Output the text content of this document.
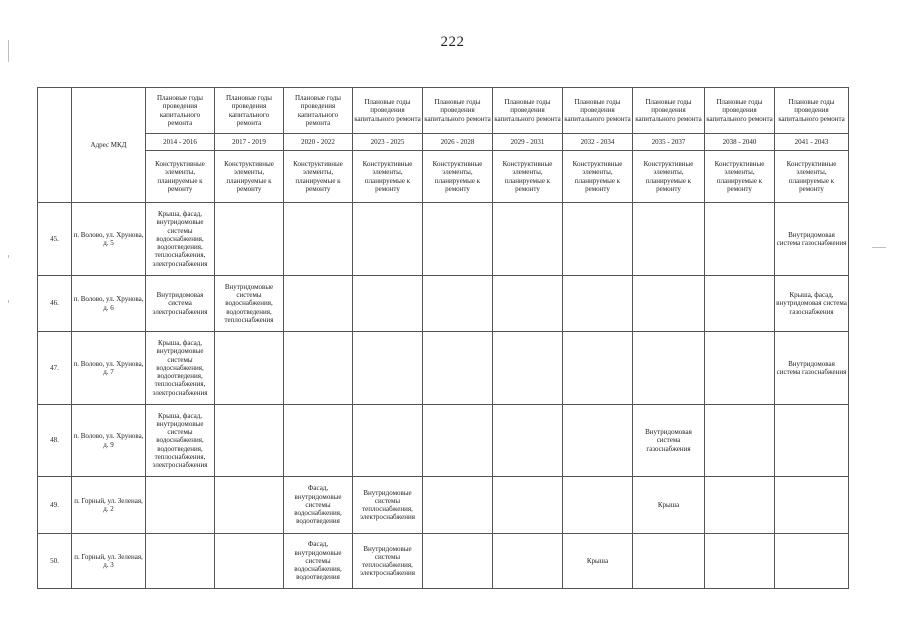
222
	Адрес МКД	Плановые годы проведения капитального ремонта	Плановые годы проведения капитального ремонта	Плановые годы проведения капитального ремонта	Плановые годы проведения капитального ремонта	Плановые годы проведения капитального ремонта	Плановые годы проведения капитального ремонта	Плановые годы проведения капитального ремонта	Плановые годы проведения капитального ремонта	Плановые годы проведения капитального ремонта	Плановые годы проведения капитального ремонта
		2014 - 2016	2017 - 2019	2020 - 2022	2023 - 2025	2026 - 2028	2029 - 2031	2032 - 2034	2035 - 2037	2038 - 2040	2041 - 2043
		Конструктивные элементы, планируемые к ремонту	Конструктивные элементы, планируемые к ремонту	Конструктивные элементы, планируемые к ремонту	Конструктивные элементы, планируемые к ремонту	Конструктивные элементы, планируемые к ремонту	Конструктивные элементы, планируемые к ремонту	Конструктивные элементы, планируемые к ремонту	Конструктивные элементы, планируемые к ремонту	Конструктивные элементы, планируемые к ремонту	Конструктивные элементы, планируемые к ремонту
45.	п. Волово, ул. Хрунова, д. 5	Крыша, фасад, внутридомовые системы водоснабжения, водоотведения, теплоснабжения, электроснабжения									Внутридомовая система газоснабжения
46.	п. Волово, ул. Хрунова, д. 6	Внутридомовая система электроснабжения	Внутридомовые системы водоснабжения, водоотведения, теплоснабжения								Крыша, фасад, внутридомовая система газоснабжения
47.	п. Волово, ул. Хрунова, д. 7	Крыша, фасад, внутридомовые системы водоснабжения, водоотведения, теплоснабжения, электроснабжения									Внутридомовая система газоснабжения
48.	п. Волово, ул. Хрунова, д. 9	Крыша, фасад, внутридомовые системы водоснабжения, водоотведения, теплоснабжения, электроснабжения							Внутридомовая система газоснабжения		
49.	п. Горный, ул. Зеленая, д. 2			Фасад, внутридомовые системы водоснабжения, водоотведения	Внутридомовые системы теплоснабжения, электроснабжения				Крыша		
50.	п. Горный, ул. Зеленая, д. 3			Фасад, внутридомовые системы водоснабжения, водоотведения	Внутридомовые системы теплоснабжения, электроснабжения			Крыша			
